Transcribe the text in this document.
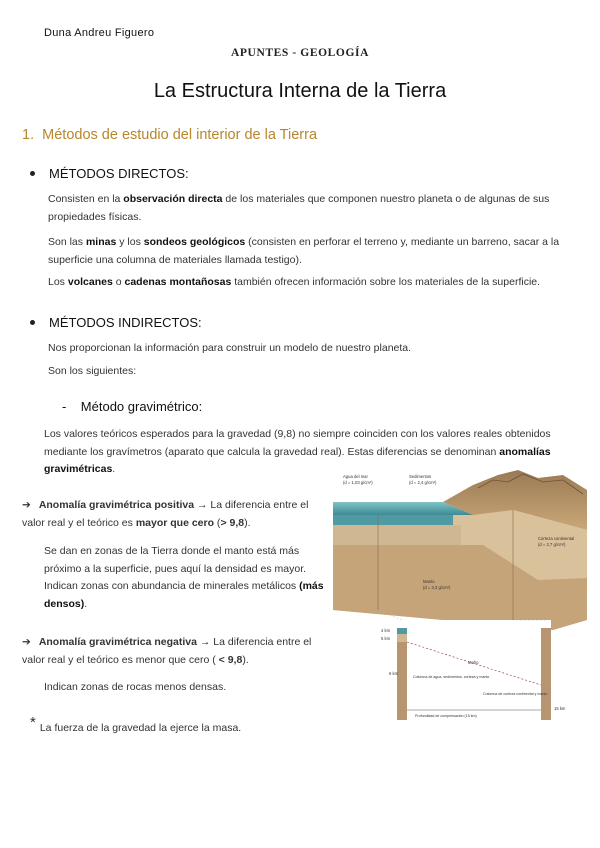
Duna Andreu Figuero
APUNTES - GEOLOGÍA
La Estructura Interna de la Tierra
1. Métodos de estudio del interior de la Tierra
MÉTODOS DIRECTOS:
Consisten en la observación directa de los materiales que componen nuestro planeta o de algunas de sus propiedades físicas.
Son las minas y los sondeos geológicos (consisten en perforar el terreno y, mediante un barreno, sacar a la superficie una columna de materiales llamada testigo).
Los volcanes o cadenas montañosas también ofrecen información sobre los materiales de la superficie.
MÉTODOS INDIRECTOS:
Nos proporcionan la información para construir un modelo de nuestro planeta.
Son los siguientes:
- Método gravimétrico:
Los valores teóricos esperados para la gravedad (9,8) no siempre coinciden con los valores reales obtenidos mediante los gravímetros (aparato que calcula la gravedad real). Estas diferencias se denominan anomalías gravimétricas.
➔ Anomalía gravimétrica positiva → La diferencia entre el valor real y el teórico es mayor que cero (> 9,8).
Se dan en zonas de la Tierra donde el manto está más próximo a la superficie, pues aquí la densidad es mayor. Indican zonas con abundancia de minerales metálicos (más densos).
➔ Anomalía gravimétrica negativa → La diferencia entre el valor real y el teórico es menor que cero ( < 9,8).
Indican zonas de rocas menos densas.
* La fuerza de la gravedad la ejerce la masa.
Agua del mar
(d = 1,03 g/cm³)
Sedimentos
(d = 2,4 g/cm³)
Corteza continental
(d = 2,7 g/cm³)
Manto
(d = 3,3 g/cm³)
4 km
5 km
6 km
15 km
Moho
Columna de agua, sedimentos, corteza y manto
Columna de corteza continental y manto
Profundidad de compensación (15 km)
